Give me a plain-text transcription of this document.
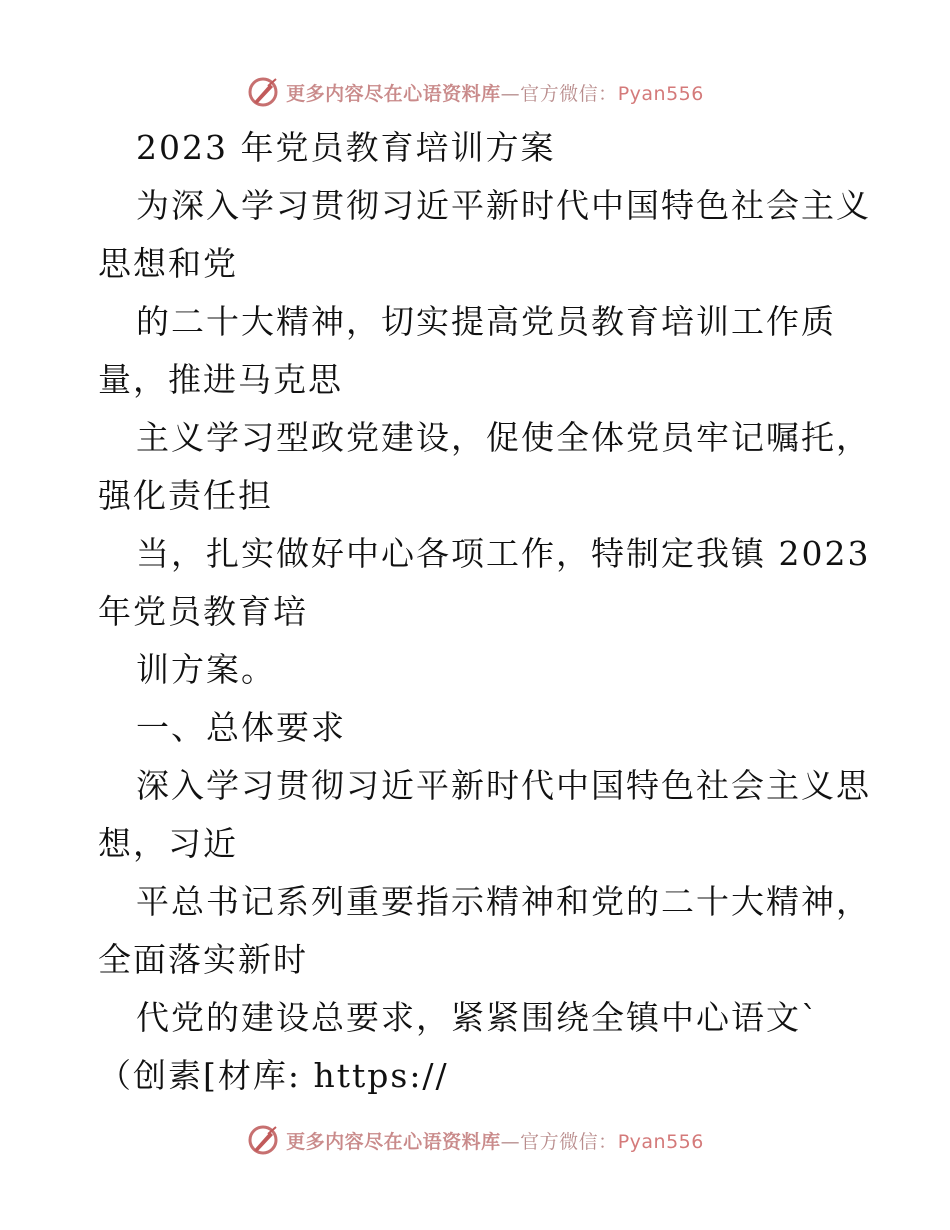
更多内容尽在心语资料库—官方微信：Pyan556
2023 年党员教育培训方案
为深入学习贯彻习近平新时代中国特色社会主义
思想和党
的二十大精神，切实提高党员教育培训工作质
量，推进马克思
主义学习型政党建设，促使全体党员牢记嘱托，
强化责任担
当，扎实做好中心各项工作，特制定我镇 2023
年党员教育培
训方案。
一、总体要求
深入学习贯彻习近平新时代中国特色社会主义思
想，习近
平总书记系列重要指示精神和党的二十大精神，
全面落实新时
代党的建设总要求，紧紧围绕全镇中心语文`
（创素[材库: https://
更多内容尽在心语资料库—官方微信：Pyan556
